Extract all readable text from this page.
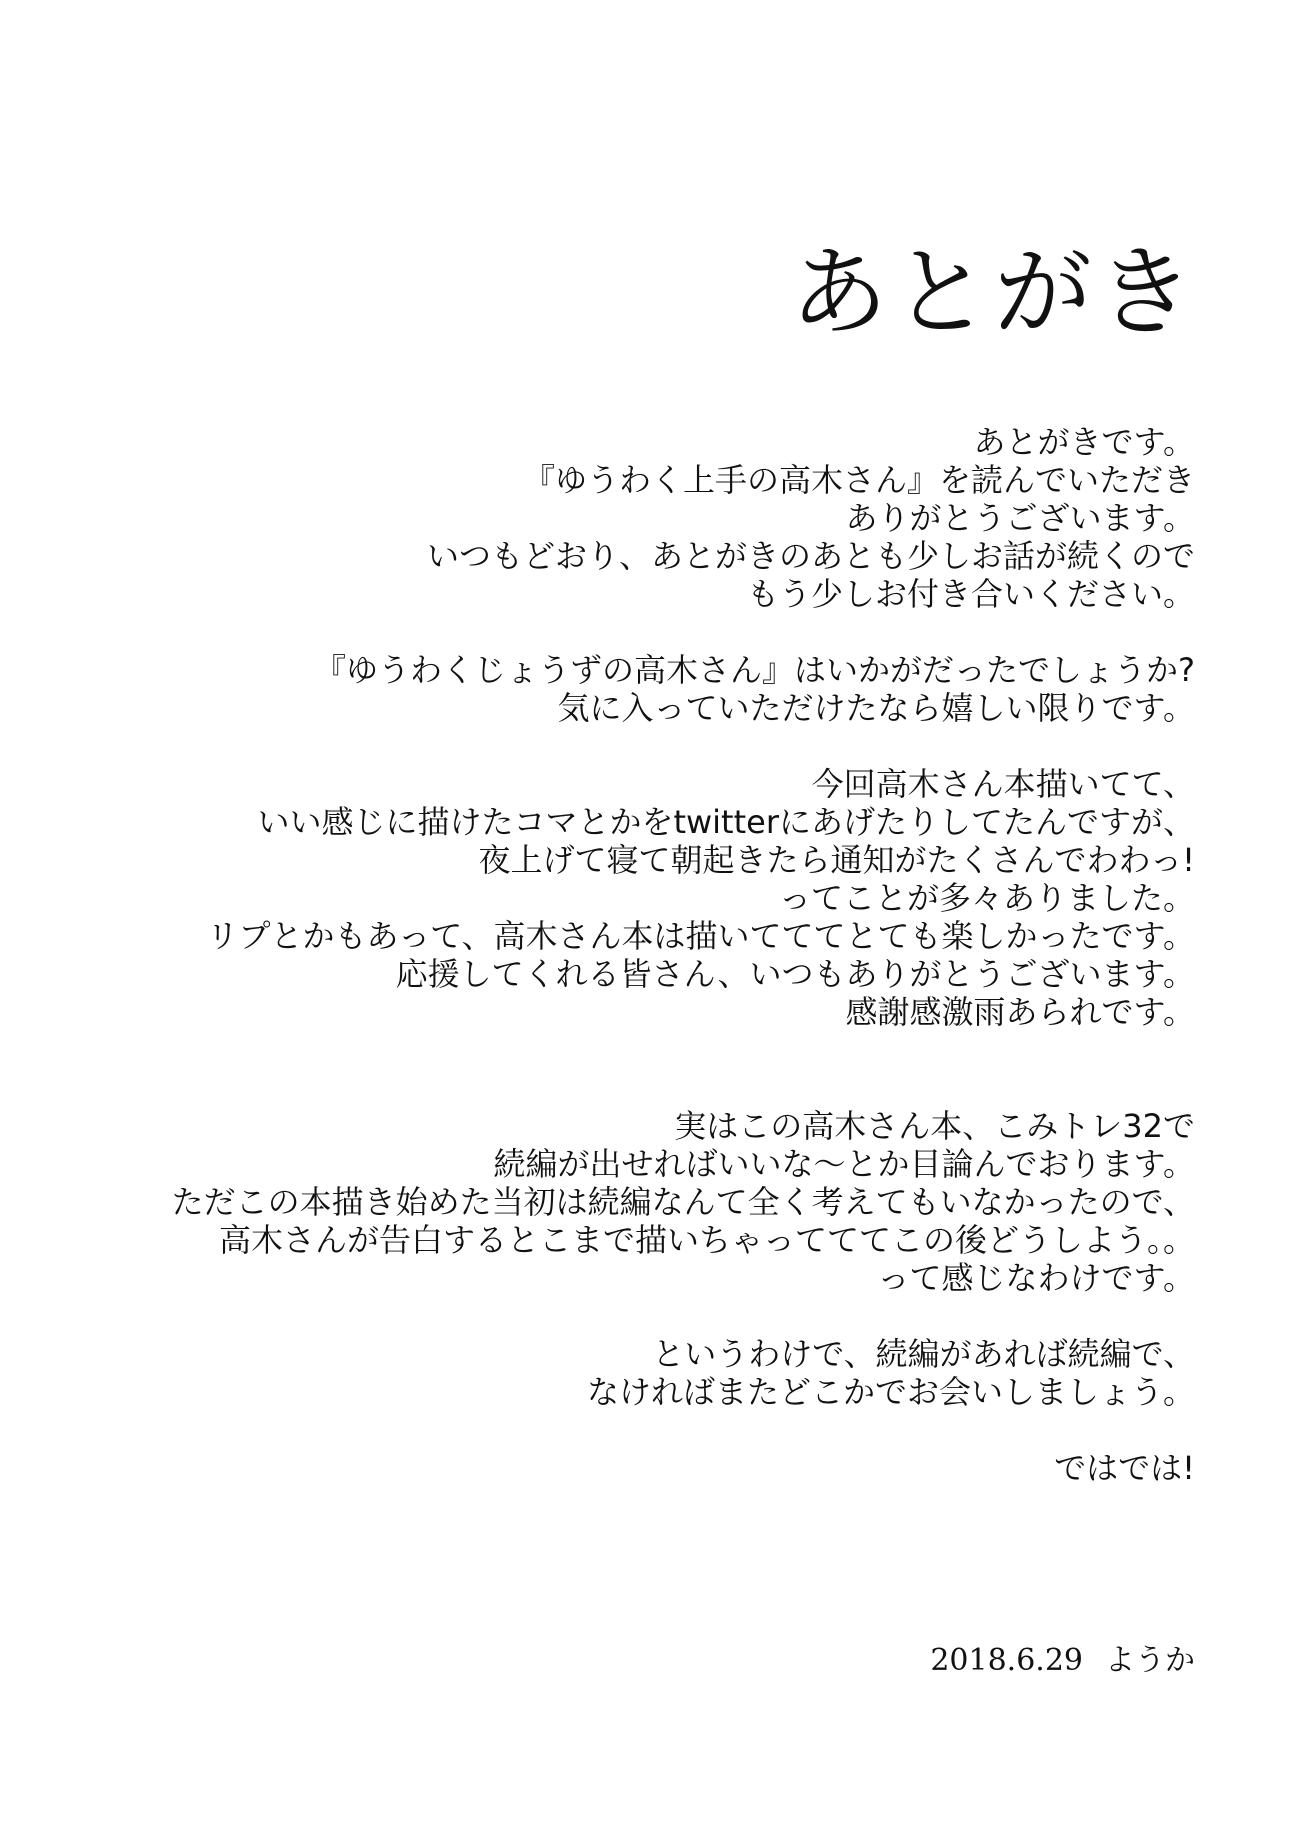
あとがき
あとがきです。
『ゆうわく上手の高木さん』を読んでいただき
ありがとうございます。
いつもどおり、あとがきのあとも少しお話が続くので
もう少しお付き合いください。
『ゆうわくじょうずの高木さん』はいかがだったでしょうか?
気に入っていただけたなら嬉しい限りです。
今回高木さん本描いてて、
いい感じに描けたコマとかをtwitterにあげたりしてたんですが、
夜上げて寝て朝起きたら通知がたくさんでわわっ!
ってことが多々ありました。
リプとかもあって、高木さん本は描いてててとても楽しかったです。
応援してくれる皆さん、いつもありがとうございます。
感謝感激雨あられです。
実はこの高木さん本、こみトレ32で
続編が出せればいいな～とか目論んでおります。
ただこの本描き始めた当初は続編なんて全く考えてもいなかったので、
高木さんが告白するとこまで描いちゃってててこの後どうしよう。。
って感じなわけです。
というわけで、続編があれば続編で、
なければまたどこかでお会いしましょう。
ではでは!
2018.6.29 ようか
